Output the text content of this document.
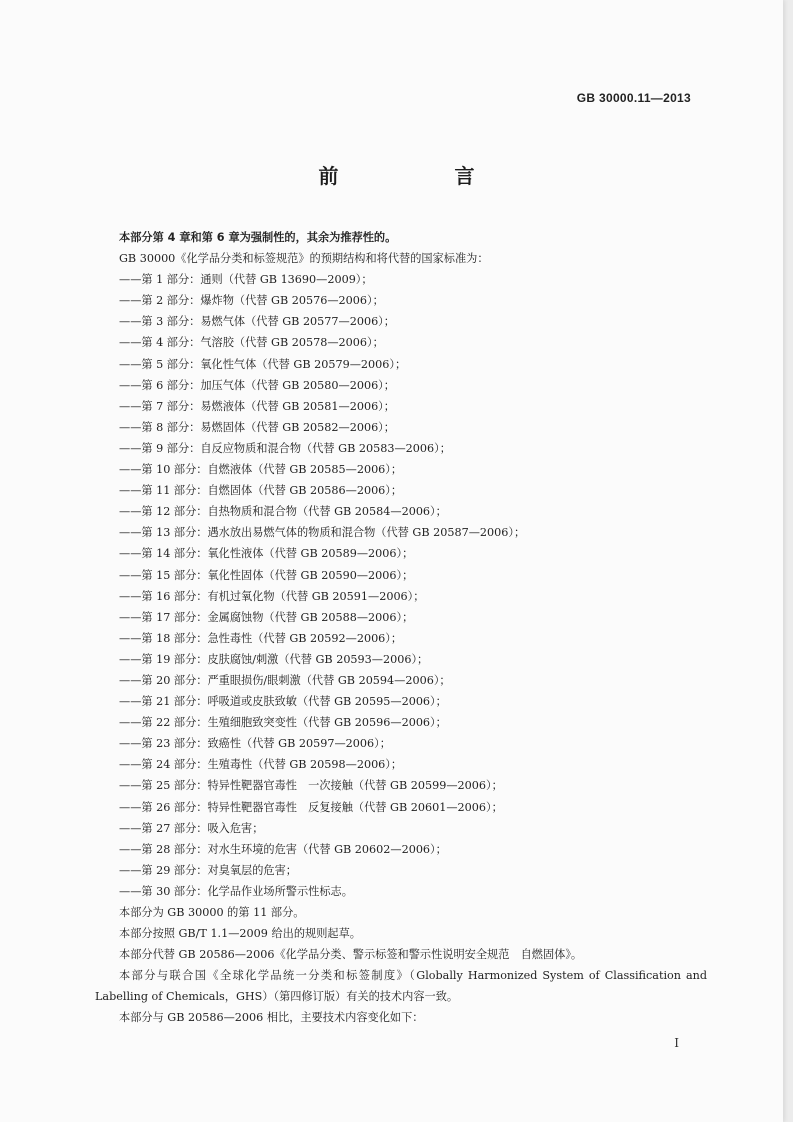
GB 30000.11—2013
前　言
本部分第 4 章和第 6 章为强制性的，其余为推荐性的。
GB 30000《化学品分类和标签规范》的预期结构和将代替的国家标准为：
——第 1 部分：通则（代替 GB 13690—2009）；
——第 2 部分：爆炸物（代替 GB 20576—2006）；
——第 3 部分：易燃气体（代替 GB 20577—2006）；
——第 4 部分：气溶胶（代替 GB 20578—2006）；
——第 5 部分：氧化性气体（代替 GB 20579—2006）；
——第 6 部分：加压气体（代替 GB 20580—2006）；
——第 7 部分：易燃液体（代替 GB 20581—2006）；
——第 8 部分：易燃固体（代替 GB 20582—2006）；
——第 9 部分：自反应物质和混合物（代替 GB 20583—2006）；
——第 10 部分：自燃液体（代替 GB 20585—2006）；
——第 11 部分：自燃固体（代替 GB 20586—2006）；
——第 12 部分：自热物质和混合物（代替 GB 20584—2006）；
——第 13 部分：遇水放出易燃气体的物质和混合物（代替 GB 20587—2006）；
——第 14 部分：氧化性液体（代替 GB 20589—2006）；
——第 15 部分：氧化性固体（代替 GB 20590—2006）；
——第 16 部分：有机过氧化物（代替 GB 20591—2006）；
——第 17 部分：金属腐蚀物（代替 GB 20588—2006）；
——第 18 部分：急性毒性（代替 GB 20592—2006）；
——第 19 部分：皮肤腐蚀/刺激（代替 GB 20593—2006）；
——第 20 部分：严重眼损伤/眼刺激（代替 GB 20594—2006）；
——第 21 部分：呼吸道或皮肤致敏（代替 GB 20595—2006）；
——第 22 部分：生殖细胞致突变性（代替 GB 20596—2006）；
——第 23 部分：致癌性（代替 GB 20597—2006）；
——第 24 部分：生殖毒性（代替 GB 20598—2006）；
——第 25 部分：特异性靶器官毒性　一次接触（代替 GB 20599—2006）；
——第 26 部分：特异性靶器官毒性　反复接触（代替 GB 20601—2006）；
——第 27 部分：吸入危害；
——第 28 部分：对水生环境的危害（代替 GB 20602—2006）；
——第 29 部分：对臭氧层的危害；
——第 30 部分：化学品作业场所警示性标志。
本部分为 GB 30000 的第 11 部分。
本部分按照 GB/T 1.1—2009 给出的规则起草。
本部分代替 GB 20586—2006《化学品分类、警示标签和警示性说明安全规范　自燃固体》。
本部分与联合国《全球化学品统一分类和标签制度》（Globally Harmonized System of Classification and Labelling of Chemicals，GHS）（第四修订版）有关的技术内容一致。
本部分与 GB 20586—2006 相比，主要技术内容变化如下：
I
